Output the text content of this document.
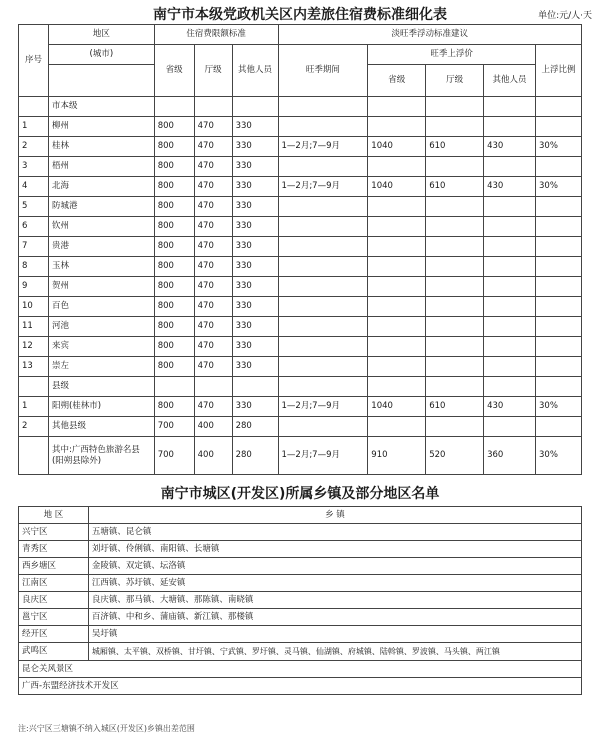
南宁市本级党政机关区内差旅住宿费标准细化表	单位:元/人·天
序号	地区	住宿费限额标准			淡旺季浮动标准建议				
	(城市)	省级	厅级	其他人员	旺季期间	旺季上浮价			上浮比例
						省级	厅级	其他人员	
	市本级								
1	柳州	800	470	330					
2	桂林	800	470	330	1—2月;7—9月	1040	610	430	30%
3	梧州	800	470	330					
4	北海	800	470	330	1—2月;7—9月	1040	610	430	30%
5	防城港	800	470	330					
6	钦州	800	470	330					
7	贵港	800	470	330					
8	玉林	800	470	330					
9	贺州	800	470	330					
10	百色	800	470	330					
11	河池	800	470	330					
12	来宾	800	470	330					
13	崇左	800	470	330					
	县级								
1	阳朔(桂林市)	800	470	330	1—2月;7—9月	1040	610	430	30%
2	其他县级	700	400	280					
	其中:广西特色旅游名县(阳朔县除外)	700	400	280	1—2月;7—9月	910	520	360	30%
南宁市城区(开发区)所属乡镇及部分地区名单
地 区	乡 镇
兴宁区	五塘镇、昆仑镇
青秀区	刘圩镇、伶俐镇、南阳镇、长塘镇
西乡塘区	金陵镇、双定镇、坛洛镇
江南区	江西镇、苏圩镇、延安镇
良庆区	良庆镇、那马镇、大塘镇、那陈镇、南晓镇
邕宁区	百济镇、中和乡、蒲庙镇、新江镇、那楼镇
经开区	吴圩镇
武鸣区	城厢镇、太平镇、双桥镇、甘圩镇、宁武镇、罗圩镇、灵马镇、仙湖镇、府城镇、陆斡镇、罗波镇、马头镇、两江镇
昆仑关风景区	
广西-东盟经济技术开发区	
注:兴宁区三塘镇不纳入城区(开发区)乡镇出差范围
